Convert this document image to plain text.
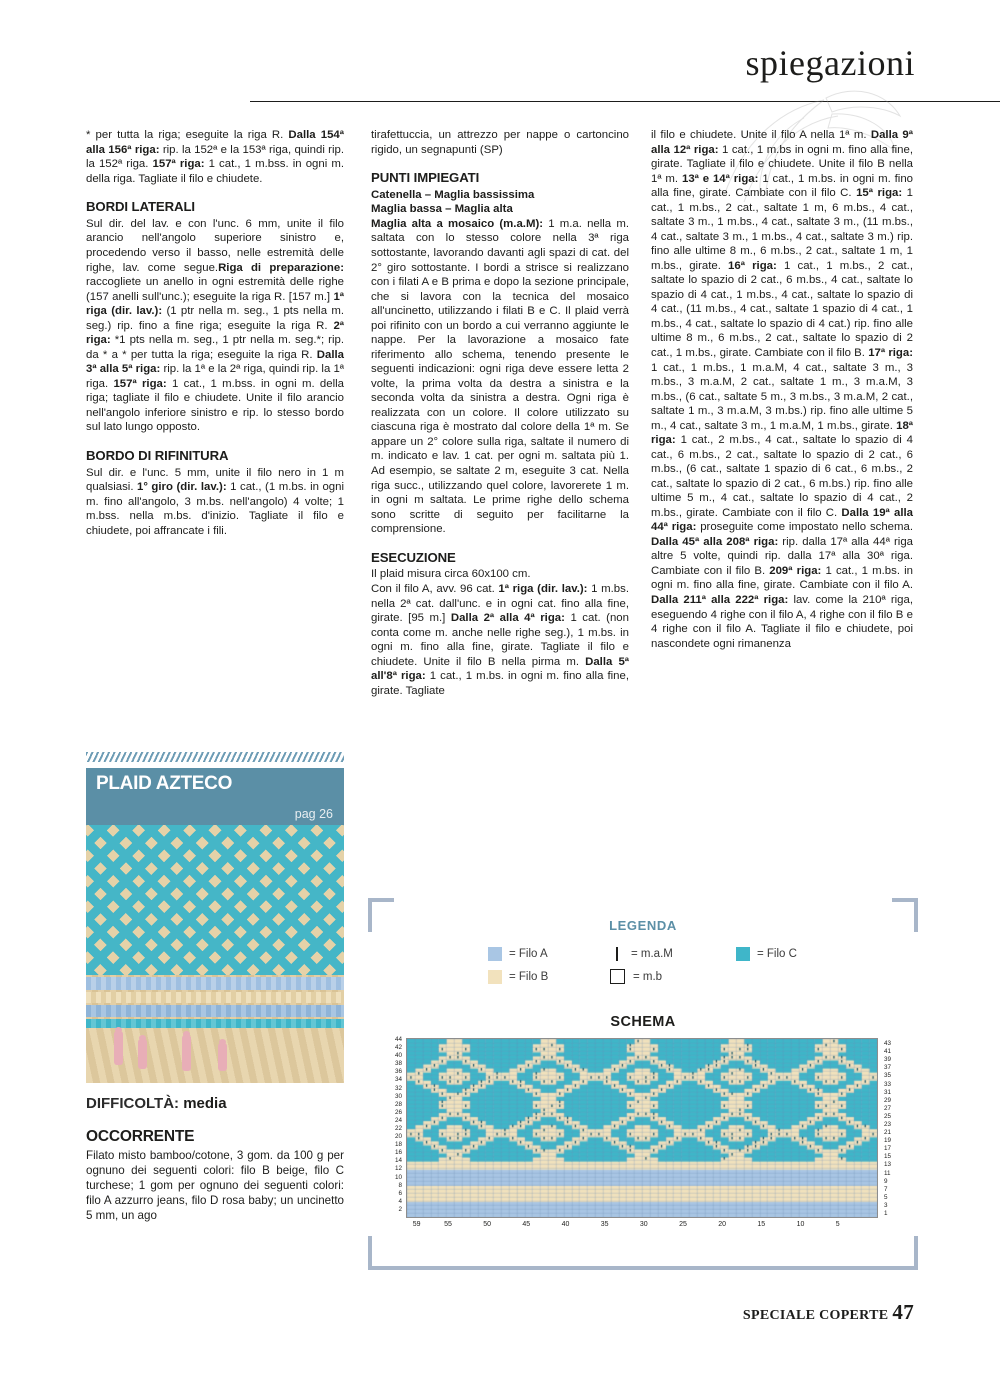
spiegazioni
* per tutta la riga; eseguite la riga R. Dalla 154ª alla 156ª riga: rip. la 152ª e la 153ª riga, quindi rip. la 152ª riga. 157ª riga: 1 cat., 1 m.bss. in ogni m. della riga. Tagliate il filo e chiudete.
BORDI LATERALI
Sul dir. del lav. e con l'unc. 6 mm, unite il filo arancio nell'angolo superiore sinistro e, procedendo verso il basso, nelle estremità delle righe, lav. come segue.Riga di preparazione: raccogliete un anello in ogni estremità delle righe (157 anelli sull'unc.); eseguite la riga R. [157 m.] 1ª riga (dir. lav.): (1 ptr nella m. seg., 1 pts nella m. seg.) rip. fino a fine riga; eseguite la riga R. 2ª riga: *1 pts nella m. seg., 1 ptr nella m. seg.*; rip. da * a * per tutta la riga; eseguite la riga R. Dalla 3ª alla 5ª riga: rip. la 1ª e la 2ª riga, quindi rip. la 1ª riga. 157ª riga: 1 cat., 1 m.bss. in ogni m. della riga; tagliate il filo e chiudete. Unite il filo arancio nell'angolo inferiore sinistro e rip. lo stesso bordo sul lato lungo opposto.
BORDO DI RIFINITURA
Sul dir. e l'unc. 5 mm, unite il filo nero in 1 m qualsiasi. 1° giro (dir. lav.): 1 cat., (1 m.bs. in ogni m. fino all'angolo, 3 m.bs. nell'angolo) 4 volte; 1 m.bss. nella m.bs. d'inizio. Tagliate il filo e chiudete, poi affrancate i fili.
PLAID AZTECO
pag 26
DIFFICOLTÀ: media
OCCORRENTE
Filato misto bamboo/cotone, 3 gom. da 100 g per ognuno dei seguenti colori: filo B beige, filo C turchese; 1 gom per ognuno dei seguenti colori: filo A azzurro jeans, filo D rosa baby; un uncinetto 5 mm, un ago
tirafettuccia, un attrezzo per nappe o cartoncino rigido, un segnapunti (SP)
PUNTI IMPIEGATI
Catenella – Maglia bassissima
Maglia bassa – Maglia alta
Maglia alta a mosaico (m.a.M): 1 m.a. nella m. saltata con lo stesso colore nella 3ª riga sottostante, lavorando davanti agli spazi di cat. del 2° giro sottostante. I bordi a strisce si realizzano con i filati A e B prima e dopo la sezione principale, che si lavora con la tecnica del mosaico all'uncinetto, utilizzando i filati B e C. Il plaid verrà poi rifinito con un bordo a cui verranno aggiunte le nappe. Per la lavorazione a mosaico fate riferimento allo schema, tenendo presente le seguenti indicazioni: ogni riga deve essere letta 2 volte, la prima volta da destra a sinistra e la seconda volta da sinistra a destra. Ogni riga è realizzata con un colore. Il colore utilizzato su ciascuna riga è mostrato dal colore della 1ª m. Se appare un 2° colore sulla riga, saltate il numero di m. indicato e lav. 1 cat. per ogni m. saltata più 1. Ad esempio, se saltate 2 m, eseguite 3 cat. Nella riga succ., utilizzando quel colore, lavorerete 1 m. in ogni m saltata. Le prime righe dello schema sono scritte di seguito per facilitarne la comprensione.
ESECUZIONE
Il plaid misura circa 60x100 cm.
Con il filo A, avv. 96 cat. 1ª riga (dir. lav.): 1 m.bs. nella 2ª cat. dall'unc. e in ogni cat. fino alla fine, girate. [95 m.] Dalla 2ª alla 4ª riga: 1 cat. (non conta come m. anche nelle righe seg.), 1 m.bs. in ogni m. fino alla fine, girate. Tagliate il filo e chiudete. Unite il filo B nella pirma m. Dalla 5ª all'8ª riga: 1 cat., 1 m.bs. in ogni m. fino alla fine, girate. Tagliate
il filo e chiudete. Unite il filo A nella 1ª m. Dalla 9ª alla 12ª riga: 1 cat., 1 m.bs in ogni m. fino alla fine, girate. Tagliate il filo e chiudete. Unite il filo B nella 1ª m. 13ª e 14ª riga: 1 cat., 1 m.bs. in ogni m. fino alla fine, girate. Cambiate con il filo C. 15ª riga: 1 cat., 1 m.bs., 2 cat., saltate 1 m, 6 m.bs., 4 cat., saltate 3 m., 1 m.bs., 4 cat., saltate 3 m., (11 m.bs., 4 cat., saltate 3 m., 1 m.bs., 4 cat., saltate 3 m.) rip. fino alle ultime 8 m., 6 m.bs., 2 cat., saltate 1 m, 1 m.bs., girate. 16ª riga: 1 cat., 1 m.bs., 2 cat., saltate lo spazio di 2 cat., 6 m.bs., 4 cat., saltate lo spazio di 4 cat., 1 m.bs., 4 cat., saltate lo spazio di 4 cat., (11 m.bs., 4 cat., saltate 1 spazio di 4 cat., 1 m.bs., 4 cat., saltate lo spazio di 4 cat.) rip. fino alle ultime 8 m., 6 m.bs., 2 cat., saltate lo spazio di 2 cat., 1 m.bs., girate. Cambiate con il filo B. 17ª riga: 1 cat., 1 m.bs., 1 m.a.M, 4 cat., saltate 3 m., 3 m.bs., 3 m.a.M, 2 cat., saltate 1 m., 3 m.a.M, 3 m.bs., (6 cat., saltate 5 m., 3 m.bs., 3 m.a.M, 2 cat., saltate 1 m., 3 m.a.M, 3 m.bs.) rip. fino alle ultime 5 m., 4 cat., saltate 3 m., 1 m.a.M, 1 m.bs., girate. 18ª riga: 1 cat., 2 m.bs., 4 cat., saltate lo spazio di 4 cat., 6 m.bs., 2 cat., saltate lo spazio di 2 cat., 6 m.bs., (6 cat., saltate 1 spazio di 6 cat., 6 m.bs., 2 cat., saltate lo spazio di 2 cat., 6 m.bs.) rip. fino alle ultime 5 m., 4 cat., saltate lo spazio di 4 cat., 2 m.bs., girate. Cambiate con il filo C. Dalla 19ª alla 44ª riga: proseguite come impostato nello schema. Dalla 45ª alla 208ª riga: rip. dalla 17ª alla 44ª riga altre 5 volte, quindi rip. dalla 17ª alla 30ª riga. Cambiate con il filo B. 209ª riga: 1 cat., 1 m.bs. in ogni m. fino alla fine, girate. Cambiate con il filo A. Dalla 211ª alla 222ª riga: lav. come la 210ª riga, eseguendo 4 righe con il filo A, 4 righe con il filo B e 4 righe con il filo A. Tagliate il filo e chiudete, poi nascondete ogni rimanenza
LEGENDA
= Filo A
= Filo B
= m.a.M
= m.b
= Filo C
SCHEMA
44
42
40
38
36
34
32
30
28
26
24
22
20
18
16
14
12
10
8
6
4
2
43
41
39
37
35
33
31
29
27
25
23
21
19
17
15
13
11
9
7
5
3
1
59	55	50	45	40	35	30	25	20	15	10	5
SPECIALE COPERTE 47
